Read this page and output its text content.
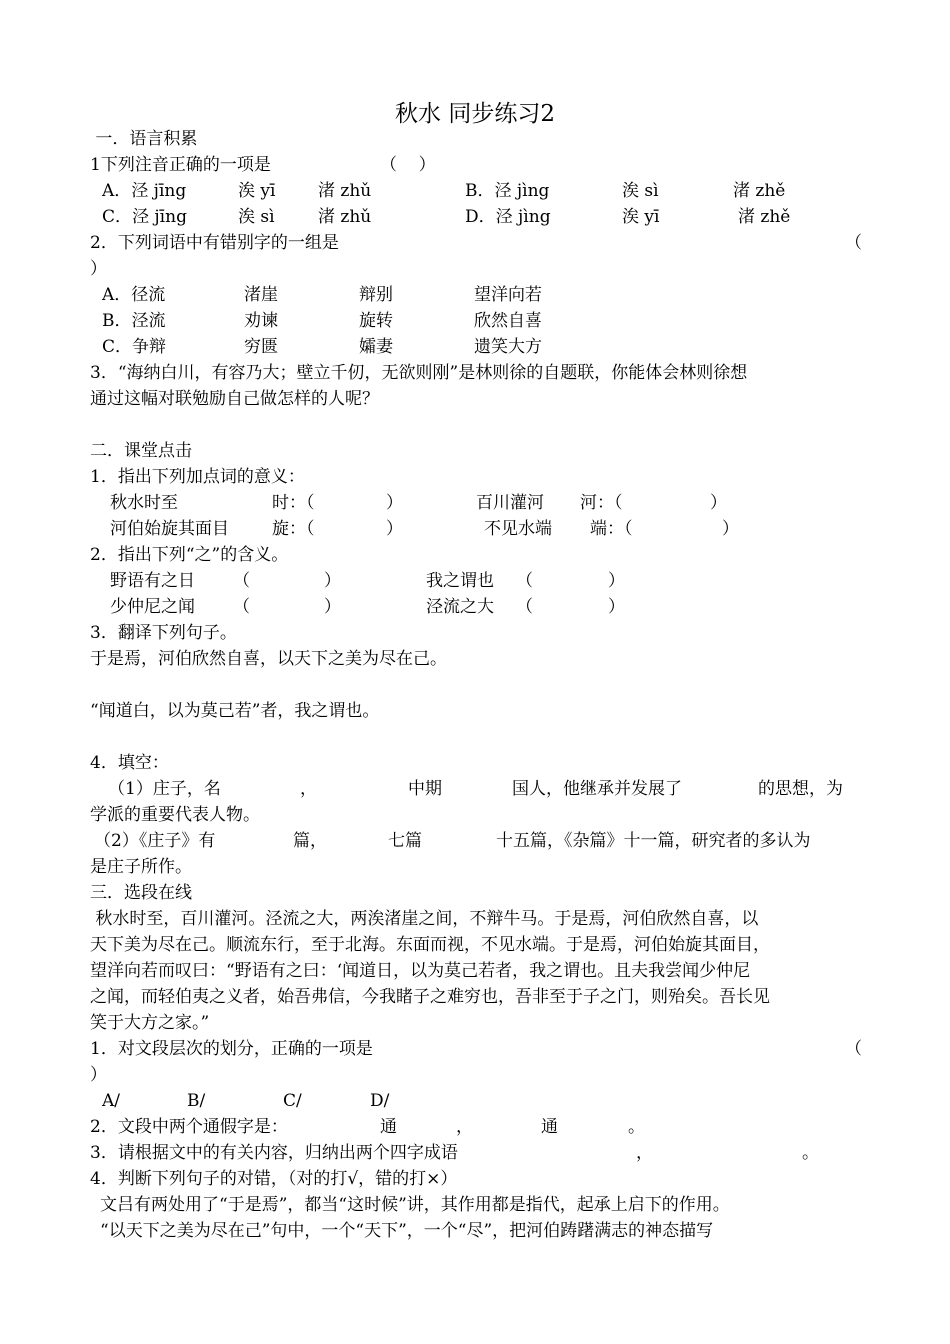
秋水 同步练习2
一．语言积累
1下列注音正确的一项是	（    ）
A．泾 jīng	涘 yī	渚 zhǔ	B．泾 jìng	涘 sì	渚 zhě
C．泾 jīng	涘 sì	渚 zhǔ	D．泾 jìng	涘 yī	渚 zhě
2．下列词语中有错别字的一组是	（
）
A．径流	渚崖	辩别	望洋向若
B．泾流	劝谏	旋转	欣然自喜
C．争辩	穷匮	孀妻	遗笑大方
3．“海纳白川，有容乃大；壁立千仞，无欲则刚”是林则徐的自题联，你能体会林则徐想
通过这幅对联勉励自己做怎样的人呢？
二．课堂点击
1．指出下列加点词的意义：
秋水时至	时：（	）	百川灌河 河：（	）
河伯始旋其面目	旋：（	）	不见水端 端：（	）
2．指出下列“之”的含义。
野语有之日 （	）	我之谓也 （	）
少仲尼之闻 （	）	泾流之大 （	）
3．翻译下列句子。
于是焉，河伯欣然自喜，以天下之美为尽在己。
“闻道白，以为莫己若”者，我之谓也。
4．填空：
（1）庄子，名	，	中期	国人，他继承并发展了	的思想，为
学派的重要代表人物。
（2）《庄子》有	篇，	七篇	十五篇，《杂篇》十一篇，研究者的多认为
是庄子所作。
三．选段在线
秋水时至，百川灌河。泾流之大，两涘渚崖之间，不辩牛马。于是焉，河伯欣然自喜，以
天下美为尽在己。顺流东行，至于北海。东面而视，不见水端。于是焉，河伯始旋其面目，
望洋向若而叹曰：“野语有之曰：‘闻道日，以为莫己若者，我之谓也。且夫我尝闻少仲尼
之闻，而轻伯夷之义者，始吾弗信，今我睹子之难穷也，吾非至于子之门，则殆矣。吾长见
笑于大方之家。”
1．对文段层次的划分，正确的一项是	（
）
A/	B/	C/	D/
2．文段中两个通假字是：	通	，	通	。
3．请根据文中的有关内容，归纳出两个四字成语	，	。
4．判断下列句子的对错，（对的打√，错的打×）
文吕有两处用了“于是焉”，都当“这时候”讲，其作用都是指代，起承上启下的作用。
“以天下之美为尽在己”句中，一个“天下”，一个“尽”，把河伯踌躇满志的神态描写
